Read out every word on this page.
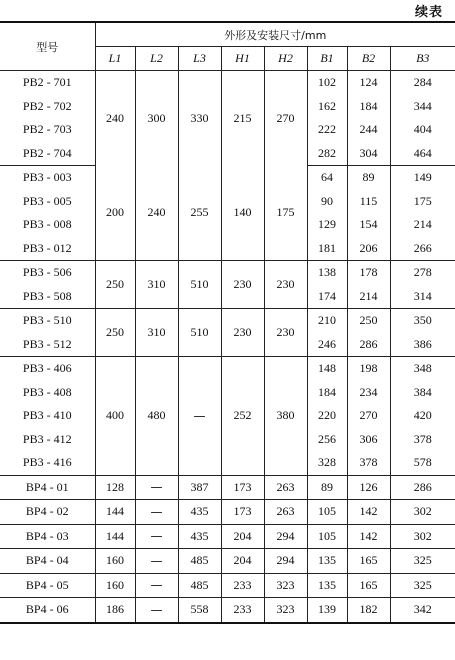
续表
型号	外形及安装尺寸/mm							
	L1	L2	L3	H1	H2	B1	B2	B3
PB2 - 701	240	300	330	215	270	102	124	284
PB2 - 702						162	184	344
PB2 - 703						222	244	404
PB2 - 704						282	304	464
PB3 - 003	200	240	255	140	175	64	89	149
PB3 - 005						90	115	175
PB3 - 008						129	154	214
PB3 - 012						181	206	266
PB3 - 506	250	310	510	230	230	138	178	278
PB3 - 508						174	214	314
PB3 - 510	250	310	510	230	230	210	250	350
PB3 - 512						246	286	386
PB3 - 406	400	480	—	252	380	148	198	348
PB3 - 408						184	234	384
PB3 - 410						220	270	420
PB3 - 412						256	306	378
PB3 - 416						328	378	578
BP4 - 01	128	—	387	173	263	89	126	286
BP4 - 02	144	—	435	173	263	105	142	302
BP4 - 03	144	—	435	204	294	105	142	302
BP4 - 04	160	—	485	204	294	135	165	325
BP4 - 05	160	—	485	233	323	135	165	325
BP4 - 06	186	—	558	233	323	139	182	342
